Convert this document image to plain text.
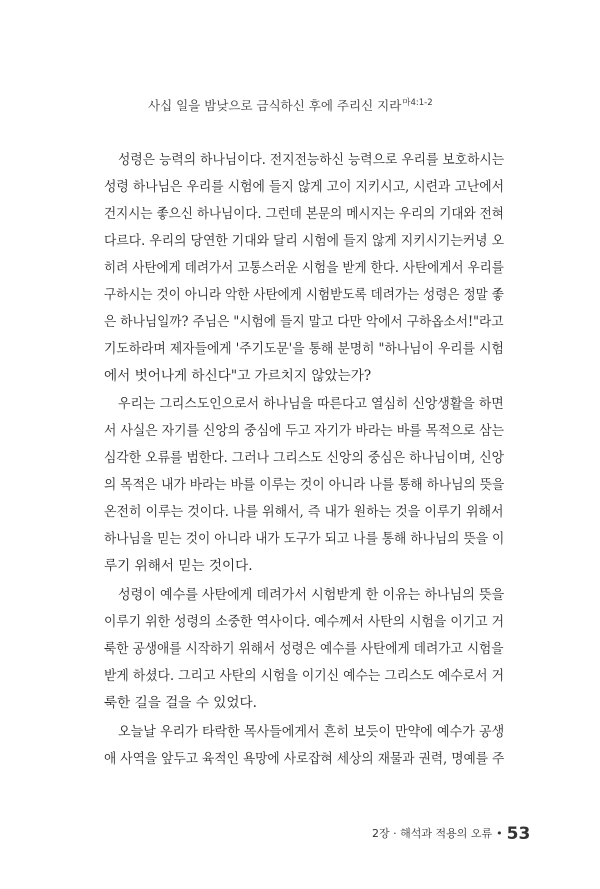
사십 일을 밤낮으로 금식하신 후에 주리신 지라$^{마4:1-2}$
성령은 능력의 하나님이다. 전지전능하신 능력으로 우리를 보호하시는
성령 하나님은 우리를 시험에 들지 않게 고이 지키시고, 시련과 고난에서
건지시는 좋으신 하나님이다. 그런데 본문의 메시지는 우리의 기대와 전혀
다르다. 우리의 당연한 기대와 달리 시험에 들지 않게 지키시기는커녕 오
히려 사탄에게 데려가서 고통스러운 시험을 받게 한다. 사탄에게서 우리를
구하시는 것이 아니라 악한 사탄에게 시험받도록 데려가는 성령은 정말 좋
은 하나님일까? 주님은 "시험에 들지 말고 다만 악에서 구하옵소서!"라고
기도하라며 제자들에게 '주기도문'을 통해 분명히 "하나님이 우리를 시험
에서 벗어나게 하신다"고 가르치지 않았는가?
우리는 그리스도인으로서 하나님을 따른다고 열심히 신앙생활을 하면
서 사실은 자기를 신앙의 중심에 두고 자기가 바라는 바를 목적으로 삼는
심각한 오류를 범한다. 그러나 그리스도 신앙의 중심은 하나님이며, 신앙
의 목적은 내가 바라는 바를 이루는 것이 아니라 나를 통해 하나님의 뜻을
온전히 이루는 것이다. 나를 위해서, 즉 내가 원하는 것을 이루기 위해서
하나님을 믿는 것이 아니라 내가 도구가 되고 나를 통해 하나님의 뜻을 이
루기 위해서 믿는 것이다.
성령이 예수를 사탄에게 데려가서 시험받게 한 이유는 하나님의 뜻을
이루기 위한 성령의 소중한 역사이다. 예수께서 사탄의 시험을 이기고 거
룩한 공생애를 시작하기 위해서 성령은 예수를 사탄에게 데려가고 시험을
받게 하셨다. 그리고 사탄의 시험을 이기신 예수는 그리스도 예수로서 거
룩한 길을 걸을 수 있었다.
오늘날 우리가 타락한 목사들에게서 흔히 보듯이 만약에 예수가 공생
애 사역을 앞두고 육적인 욕망에 사로잡혀 세상의 재물과 권력, 명예를 주
2장 · 해석과 적용의 오류 • 53
